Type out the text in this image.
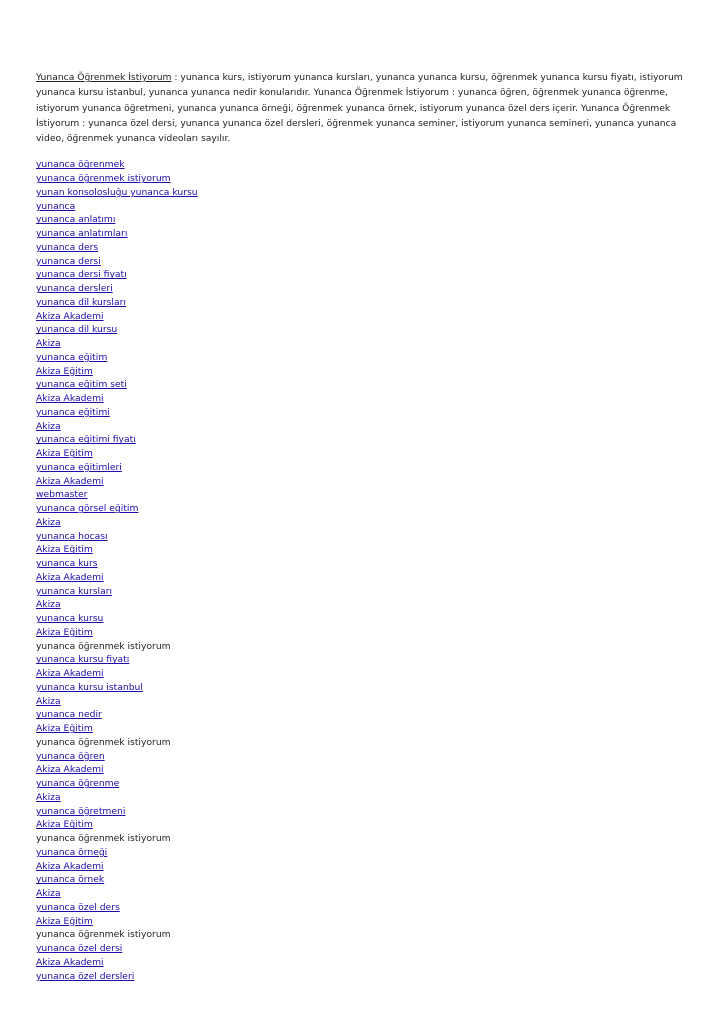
Yunanca Öğrenmek İstiyorum : yunanca kurs, istiyorum yunanca kursları, yunanca yunanca kursu, öğrenmek yunanca kursu fiyatı, istiyorum yunanca kursu istanbul, yunanca yunanca nedir konularıdır. Yunanca Öğrenmek İstiyorum : yunanca öğren, öğrenmek yunanca öğrenme, istiyorum yunanca öğretmeni, yunanca yunanca örneği, öğrenmek yunanca örnek, istiyorum yunanca özel ders içerir. Yunanca Öğrenmek İstiyorum : yunanca özel dersi, yunanca yunanca özel dersleri, öğrenmek yunanca seminer, istiyorum yunanca semineri, yunanca yunanca video, öğrenmek yunanca videoları sayılır.

yunanca öğrenmek
yunanca öğrenmek istiyorum
yunan konsolosluğu yunanca kursu
yunanca
yunanca anlatımı
yunanca anlatımları
yunanca ders
yunanca dersi
yunanca dersi fiyatı
yunanca dersleri
yunanca dil kursları
Akiza Akademi
yunanca dil kursu
Akiza
yunanca eğitim
Akiza Eğitim
yunanca eğitim seti
Akiza Akademi
yunanca eğitimi
Akiza
yunanca eğitimi fiyatı
Akiza Eğitim
yunanca eğitimleri
Akiza Akademi
webmaster
yunanca görsel eğitim
Akiza
yunanca hocası
Akiza Eğitim
yunanca kurs
Akiza Akademi
yunanca kursları
Akiza
yunanca kursu
Akiza Eğitim
yunanca öğrenmek istiyorum
yunanca kursu fiyatı
Akiza Akademi
yunanca kursu istanbul
Akiza
yunanca nedir
Akiza Eğitim
yunanca öğrenmek istiyorum
yunanca öğren
Akiza Akademi
yunanca öğrenme
Akiza
yunanca öğretmeni
Akiza Eğitim
yunanca öğrenmek istiyorum
yunanca örneği
Akiza Akademi
yunanca örnek
Akiza
yunanca özel ders
Akiza Eğitim
yunanca öğrenmek istiyorum
yunanca özel dersi
Akiza Akademi
yunanca özel dersleri
